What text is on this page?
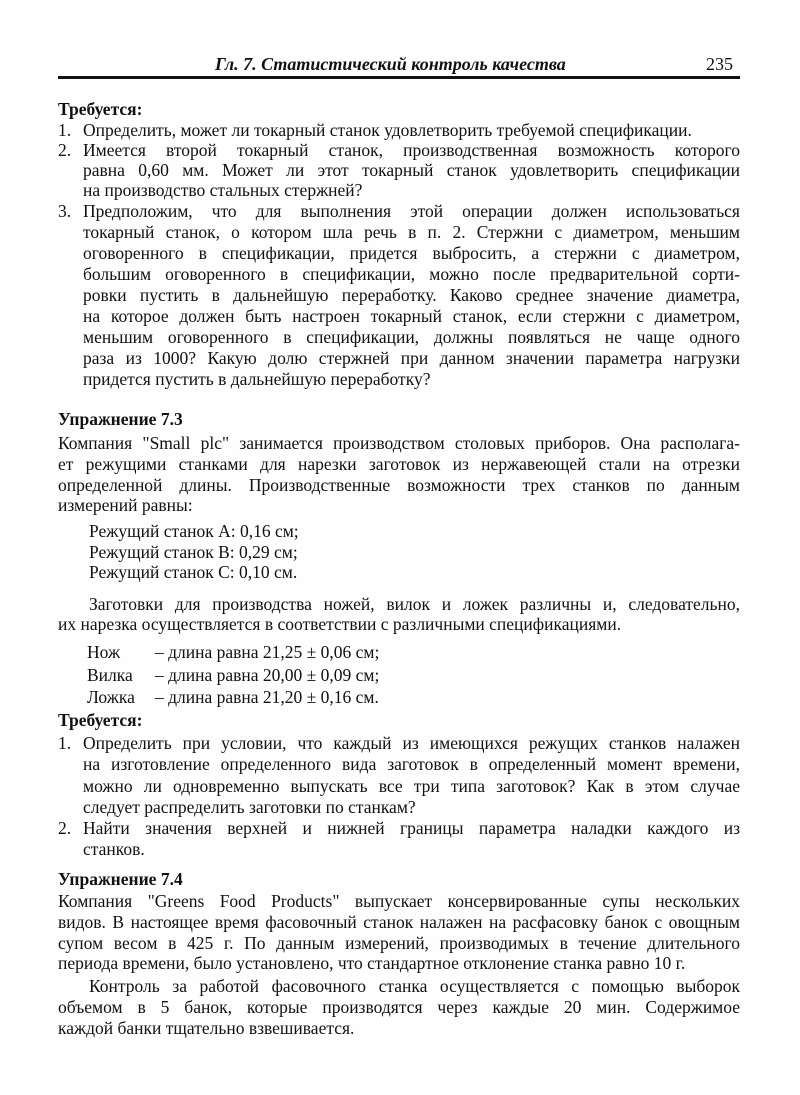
Гл. 7. Статистический контроль качества	235
Требуется:
1. Определить, может ли токарный станок удовлетворить требуемой спецификации.
2. Имеется второй токарный станок, производственная возможность которого
равна 0,60 мм. Может ли этот токарный станок удовлетворить спецификации
на производство стальных стержней?
3. Предположим, что для выполнения этой операции должен использоваться
токарный станок, о котором шла речь в п. 2. Стержни с диаметром, меньшим
оговоренного в спецификации, придется выбросить, а стержни с диаметром,
большим оговоренного в спецификации, можно после предварительной сорти-
ровки пустить в дальнейшую переработку. Каково среднее значение диаметра,
на которое должен быть настроен токарный станок, если стержни с диаметром,
меньшим оговоренного в спецификации, должны появляться не чаще одного
раза из 1000? Какую долю стержней при данном значении параметра нагрузки
придется пустить в дальнейшую переработку?
Упражнение 7.3
Компания "Small plc" занимается производством столовых приборов. Она располага-
ет режущими станками для нарезки заготовок из нержавеющей стали на отрезки
определенной длины. Производственные возможности трех станков по данным
измерений равны:
Режущий станок A: 0,16 см;
Режущий станок B: 0,29 см;
Режущий станок C: 0,10 см.
Заготовки для производства ножей, вилок и ложек различны и, следовательно,
их нарезка осуществляется в соответствии с различными спецификациями.
Нож – длина равна 21,25 ± 0,06 см;
Вилка – длина равна 20,00 ± 0,09 см;
Ложка – длина равна 21,20 ± 0,16 см.
Требуется:
1. Определить при условии, что каждый из имеющихся режущих станков налажен
на изготовление определенного вида заготовок в определенный момент времени,
можно ли одновременно выпускать все три типа заготовок? Как в этом случае
следует распределить заготовки по станкам?
2. Найти значения верхней и нижней границы параметра наладки каждого из
станков.
Упражнение 7.4
Компания "Greens Food Products" выпускает консервированные супы нескольких
видов. В настоящее время фасовочный станок налажен на расфасовку банок с овощным
супом весом в 425 г. По данным измерений, производимых в течение длительного
периода времени, было установлено, что стандартное отклонение станка равно 10 г.
Контроль за работой фасовочного станка осуществляется с помощью выборок
объемом в 5 банок, которые производятся через каждые 20 мин. Содержимое
каждой банки тщательно взвешивается.
